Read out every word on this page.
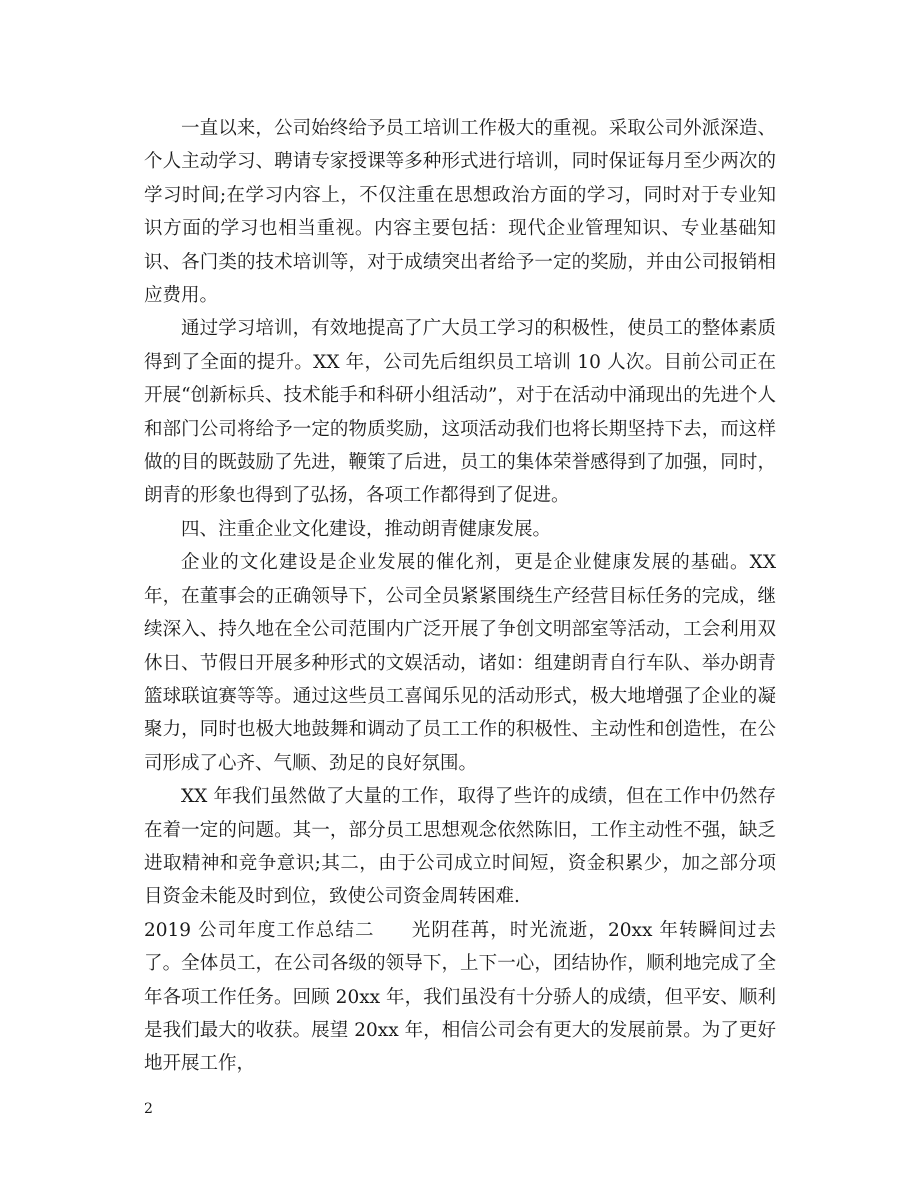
一直以来，公司始终给予员工培训工作极大的重视。采取公司外派深造、个人主动学习、聘请专家授课等多种形式进行培训，同时保证每月至少两次的学习时间;在学习内容上，不仅注重在思想政治方面的学习，同时对于专业知识方面的学习也相当重视。内容主要包括：现代企业管理知识、专业基础知识、各门类的技术培训等，对于成绩突出者给予一定的奖励，并由公司报销相应费用。

通过学习培训，有效地提高了广大员工学习的积极性，使员工的整体素质得到了全面的提升。XX 年，公司先后组织员工培训 10 人次。目前公司正在开展“创新标兵、技术能手和科研小组活动”，对于在活动中涌现出的先进个人和部门公司将给予一定的物质奖励，这项活动我们也将长期坚持下去，而这样做的目的既鼓励了先进，鞭策了后进，员工的集体荣誉感得到了加强，同时，朗青的形象也得到了弘扬，各项工作都得到了促进。

四、注重企业文化建设，推动朗青健康发展。

企业的文化建设是企业发展的催化剂，更是企业健康发展的基础。XX 年，在董事会的正确领导下，公司全员紧紧围绕生产经营目标任务的完成，继续深入、持久地在全公司范围内广泛开展了争创文明部室等活动，工会利用双休日、节假日开展多种形式的文娱活动，诸如：组建朗青自行车队、举办朗青篮球联谊赛等等。通过这些员工喜闻乐见的活动形式，极大地增强了企业的凝聚力，同时也极大地鼓舞和调动了员工工作的积极性、主动性和创造性，在公司形成了心齐、气顺、劲足的良好氛围。

XX 年我们虽然做了大量的工作，取得了些许的成绩，但在工作中仍然存在着一定的问题。其一，部分员工思想观念依然陈旧，工作主动性不强，缺乏进取精神和竞争意识;其二，由于公司成立时间短，资金积累少，加之部分项目资金未能及时到位，致使公司资金周转困难.

2019 公司年度工作总结二 光阴荏苒，时光流逝，20xx 年转瞬间过去了。全体员工，在公司各级的领导下，上下一心，团结协作，顺利地完成了全年各项工作任务。回顾 20xx 年，我们虽没有十分骄人的成绩，但平安、顺利是我们最大的收获。展望 20xx 年，相信公司会有更大的发展前景。为了更好地开展工作，

2
